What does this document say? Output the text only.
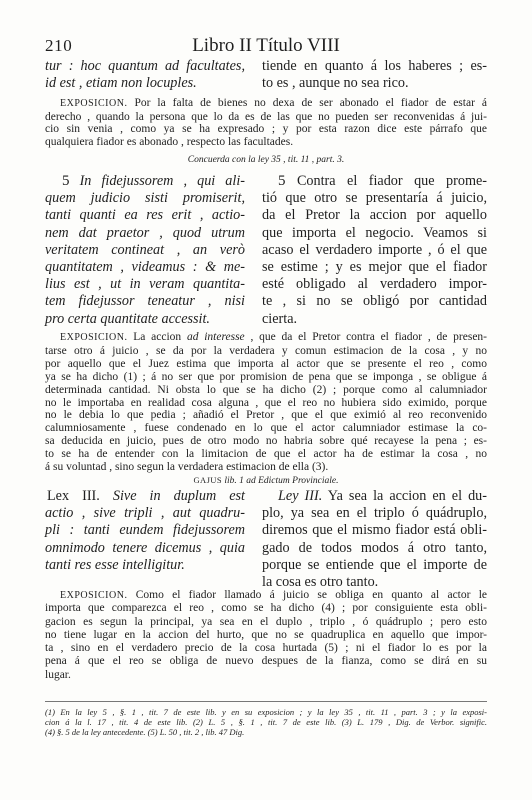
210	Libro II Título VIII
tur : hoc quantum ad facultates,
id est , etiam non locuples.
tiende en quanto á los haberes ; es-
to es , aunque no sea rico.
EXPOSICION. Por la falta de bienes no dexa de ser abonado el fiador de estar á
derecho , quando la persona que lo da es de las que no pueden ser reconvenidas á jui-
cio sin venia , como ya se ha expresado ; y por esta razon dice este párrafo que
qualquiera fiador es abonado , respecto las facultades.
Concuerda con la ley 35 , tit. 11 , part. 3.
5 In fidejussorem , qui ali-
quem judicio sisti promiserit,
tanti quanti ea res erit , actio-
nem dat praetor , quod utrum
veritatem contineat , an verò
quantitatem , videamus : & me-
lius est , ut in veram quantita-
tem fidejussor teneatur , nisi
pro certa quantitate accessit.
5 Contra el fiador que prome-
tió que otro se presentaría á juicio,
da el Pretor la accion por aquello
que importa el negocio. Veamos si
acaso el verdadero importe , ó el que
se estime ; y es mejor que el fiador
esté obligado al verdadero impor-
te , si no se obligó por cantidad
cierta.
EXPOSICION. La accion ad interesse , que da el Pretor contra el fiador , de presen-
tarse otro á juicio , se da por la verdadera y comun estimacion de la cosa , y no
por aquello que el Juez estima que importa al actor que se presente el reo , como
ya se ha dicho (1) ; á no ser que por promision de pena que se imponga , se obligue á
determinada cantidad. Ni obsta lo que se ha dicho (2) ; porque como al calumniador
no le importaba en realidad cosa alguna , que el reo no hubiera sido eximido, porque
no le debia lo que pedia ; añadió el Pretor , que el que eximió al reo reconvenido
calumniosamente , fuese condenado en lo que el actor calumniador estimase la co-
sa deducida en juicio, pues de otro modo no habria sobre qué recayese la pena ; es-
to se ha de entender con la limitacion de que el actor ha de estimar la cosa , no
á su voluntad , sino segun la verdadera estimacion de ella (3).
GAJUS lib. 1 ad Edictum Provinciale.
Lex III. Sive in duplum est
actio , sive tripli , aut quadru-
pli : tanti eundem fidejussorem
omnimodo tenere dicemus , quia
tanti res esse intelligitur.
Ley III. Ya sea la accion en el du-
plo, ya sea en el triplo ó quádruplo,
diremos que el mismo fiador está obli-
gado de todos modos á otro tanto,
porque se entiende que el importe de
la cosa es otro tanto.
EXPOSICION. Como el fiador llamado á juicio se obliga en quanto al actor le
importa que comparezca el reo , como se ha dicho (4) ; por consiguiente esta obli-
gacion es segun la principal, ya sea en el duplo , triplo , ó quádruplo ; pero esto
no tiene lugar en la accion del hurto, que no se quadruplica en aquello que impor-
ta , sino en el verdadero precio de la cosa hurtada (5) ; ni el fiador lo es por la
pena á que el reo se obliga de nuevo despues de la fianza, como se dirá en su
lugar.
(1) En la ley 5 , §. 1 , tit. 7 de este lib. y en su exposicion ; y la ley 35 , tit. 11 , part. 3 ; y la exposi-
cion á la l. 17 , tit. 4 de este lib. (2) L. 5 , §. 1 , tit. 7 de este lib. (3) L. 179 , Dig. de Verbor. signific.
(4) §. 5 de la ley antecedente. (5) L. 50 , tit. 2 , lib. 47 Dig.
